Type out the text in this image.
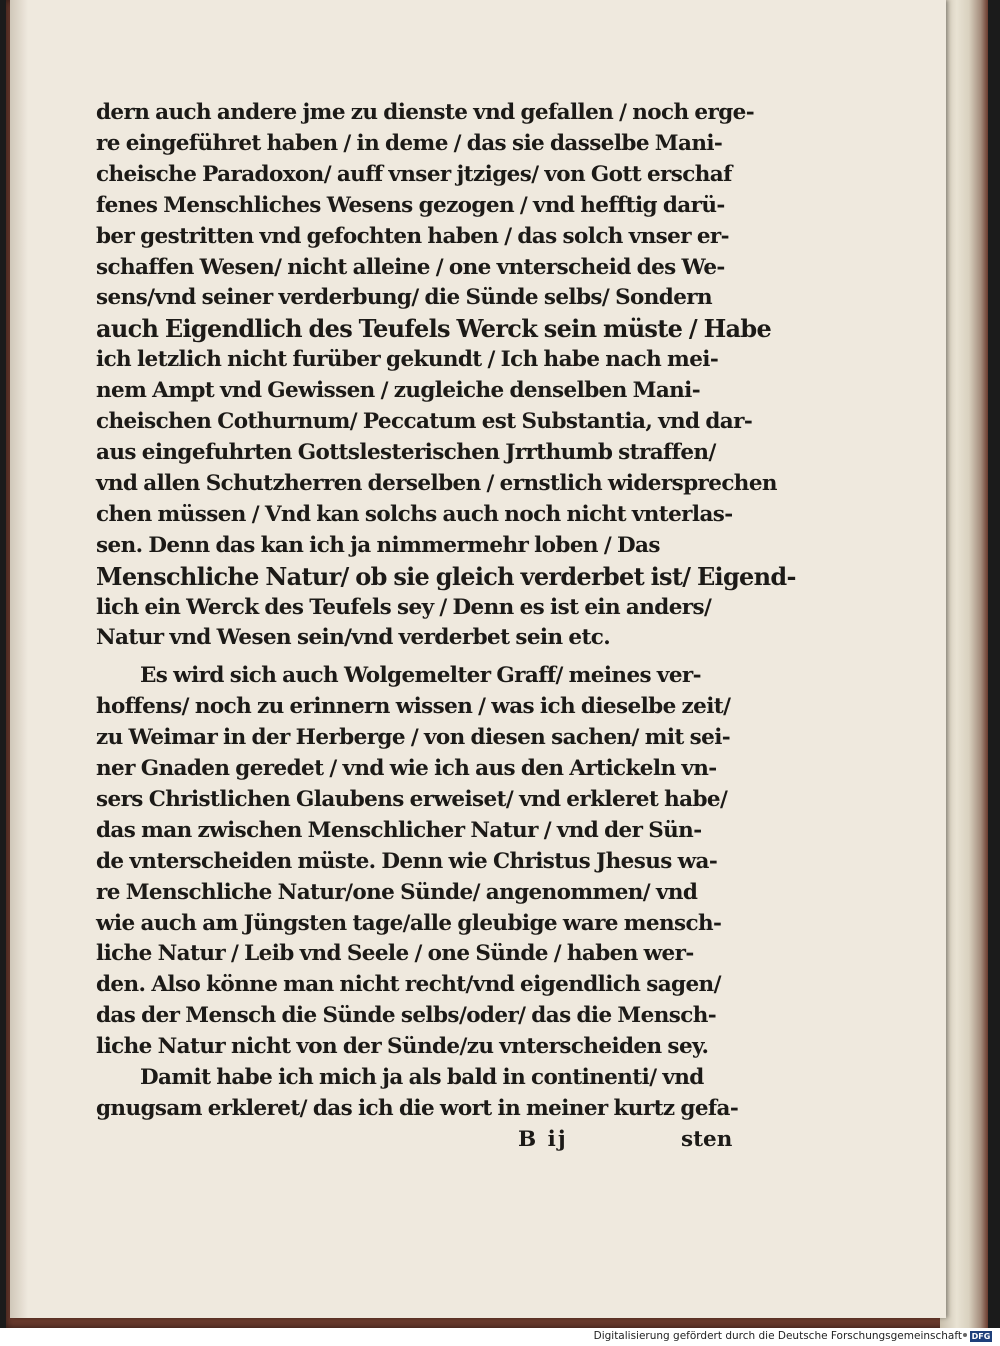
dern auch andere jme zu dienste vnd gefallen / noch erge-
re eingeführet haben / in deme / das sie dasselbe Mani-
cheische Paradoxon/ auff vnser jtziges/ von Gott erschaf
fenes Menschliches Wesens gezogen / vnd hefftig darü-
ber gestritten vnd gefochten haben / das solch vnser er-
schaffen Wesen/ nicht alleine / one vnterscheid des We-
sens/vnd seiner verderbung/ die Sünde selbs/ Sondern
auch Eigendlich des Teufels Werck sein müste / Habe
ich letzlich nicht furüber gekundt / Ich habe nach mei-
nem Ampt vnd Gewissen / zugleiche denselben Mani-
cheischen Cothurnum/ Peccatum est Substantia, vnd dar-
aus eingefuhrten Gottslesterischen Jrrthumb straffen/
vnd allen Schutzherren derselben / ernstlich widersprechen
chen müssen / Vnd kan solchs auch noch nicht vnterlas-
sen. Denn das kan ich ja nimmermehr loben / Das
Menschliche Natur/ ob sie gleich verderbet ist/ Eigend-
lich ein Werck des Teufels sey / Denn es ist ein anders/
Natur vnd Wesen sein/vnd verderbet sein etc.
Es wird sich auch Wolgemelter Graff/ meines ver-
hoffens/ noch zu erinnern wissen / was ich dieselbe zeit/
zu Weimar in der Herberge / von diesen sachen/ mit sei-
ner Gnaden geredet / vnd wie ich aus den Artickeln vn-
sers Christlichen Glaubens erweiset/ vnd erkleret habe/
das man zwischen Menschlicher Natur / vnd der Sün-
de vnterscheiden müste. Denn wie Christus Jhesus wa-
re Menschliche Natur/one Sünde/ angenommen/ vnd
wie auch am Jüngsten tage/alle gleubige ware mensch-
liche Natur / Leib vnd Seele / one Sünde / haben wer-
den. Also könne man nicht recht/vnd eigendlich sagen/
das der Mensch die Sünde selbs/oder/ das die Mensch-
liche Natur nicht von der Sünde/zu vnterscheiden sey.
Damit habe ich mich ja als bald in continenti/ vnd
gnugsam erkleret/ das ich die wort in meiner kurtz gefa-
B ij	sten
Digitalisierung gefördert durch die Deutsche Forschungsgemeinschaft DFG
